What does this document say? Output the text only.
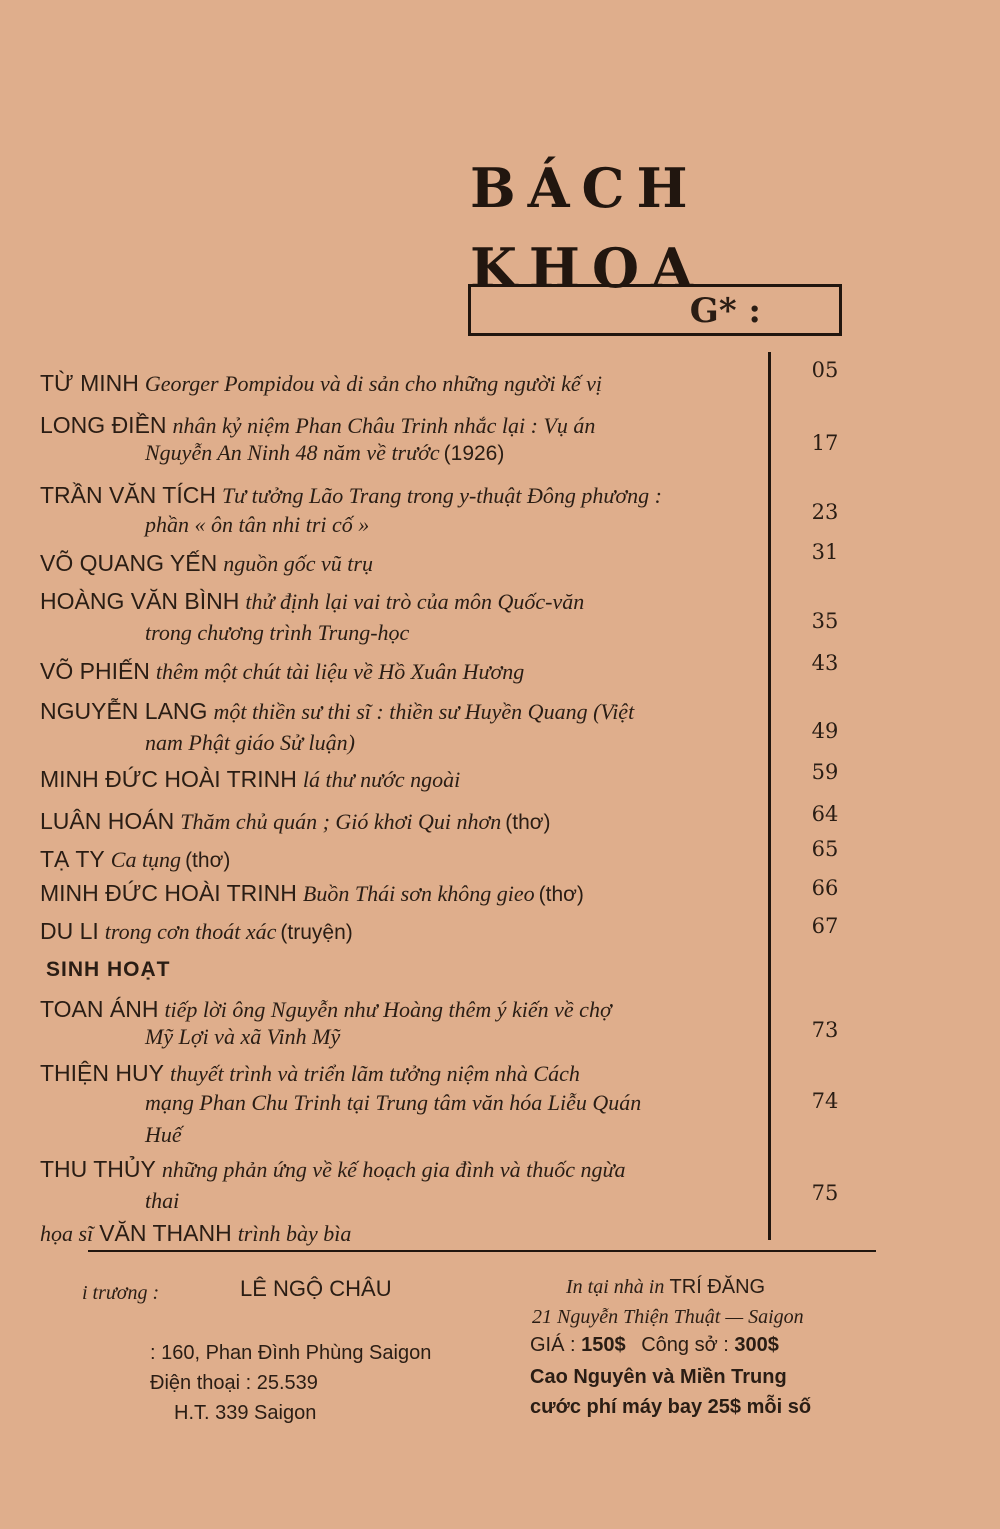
BÁCH
KHOA
G* :
TỪ MINH Georger Pompidou và di sản cho những người kế vị
05
LONG ĐIỀN nhân kỷ niệm Phan Châu Trinh nhắc lại : Vụ án
Nguyễn An Ninh 48 năm về trước (1926)	17
TRẦN VĂN TÍCH Tư tưởng Lão Trang trong y-thuật Đông phương :
phần « ôn tân nhi tri cố »	23
VÕ QUANG YẾN nguồn gốc vũ trụ	31
HOÀNG VĂN BÌNH thử định lại vai trò của môn Quốc-văn
trong chương trình Trung-học	35
VÕ PHIẾN thêm một chút tài liệu về Hồ Xuân Hương	43
NGUYỄN LANG một thiền sư thi sĩ : thiền sư Huyền Quang (Việt
nam Phật giáo Sử luận)	49
MINH ĐỨC HOÀI TRINH lá thư nước ngoài	59
LUÂN HOÁN Thăm chủ quán ; Gió khơi Qui nhơn (thơ)	64
TẠ TY Ca tụng (thơ)	65
MINH ĐỨC HOÀI TRINH Buồn Thái sơn không gieo (thơ)	66
DU LI trong cơn thoát xác (truyện)	67
SINH HOẠT
TOAN ÁNH tiếp lời ông Nguyễn như Hoàng thêm ý kiến về chợ
Mỹ Lợi và xã Vinh Mỹ	73
THIỆN HUY thuyết trình và triển lãm tưởng niệm nhà Cách
mạng Phan Chu Trinh tại Trung tâm văn hóa Liễu Quán
Huế
74
THU THỦY những phản ứng về kế hoạch gia đình và thuốc ngừa
thai	75
họa sĩ VĂN THANH trình bày bìa
i trương :	LÊ NGỘ CHÂU
: 160, Phan Đình Phùng Saigon
Điện thoại : 25.539
H.T. 339 Saigon
In tại nhà in TRÍ ĐĂNG
21 Nguyễn Thiện Thuật — Saigon
GIÁ : 150$ Công sở : 300$
Cao Nguyên và Miền Trung
cước phí máy bay 25$ mỗi số
